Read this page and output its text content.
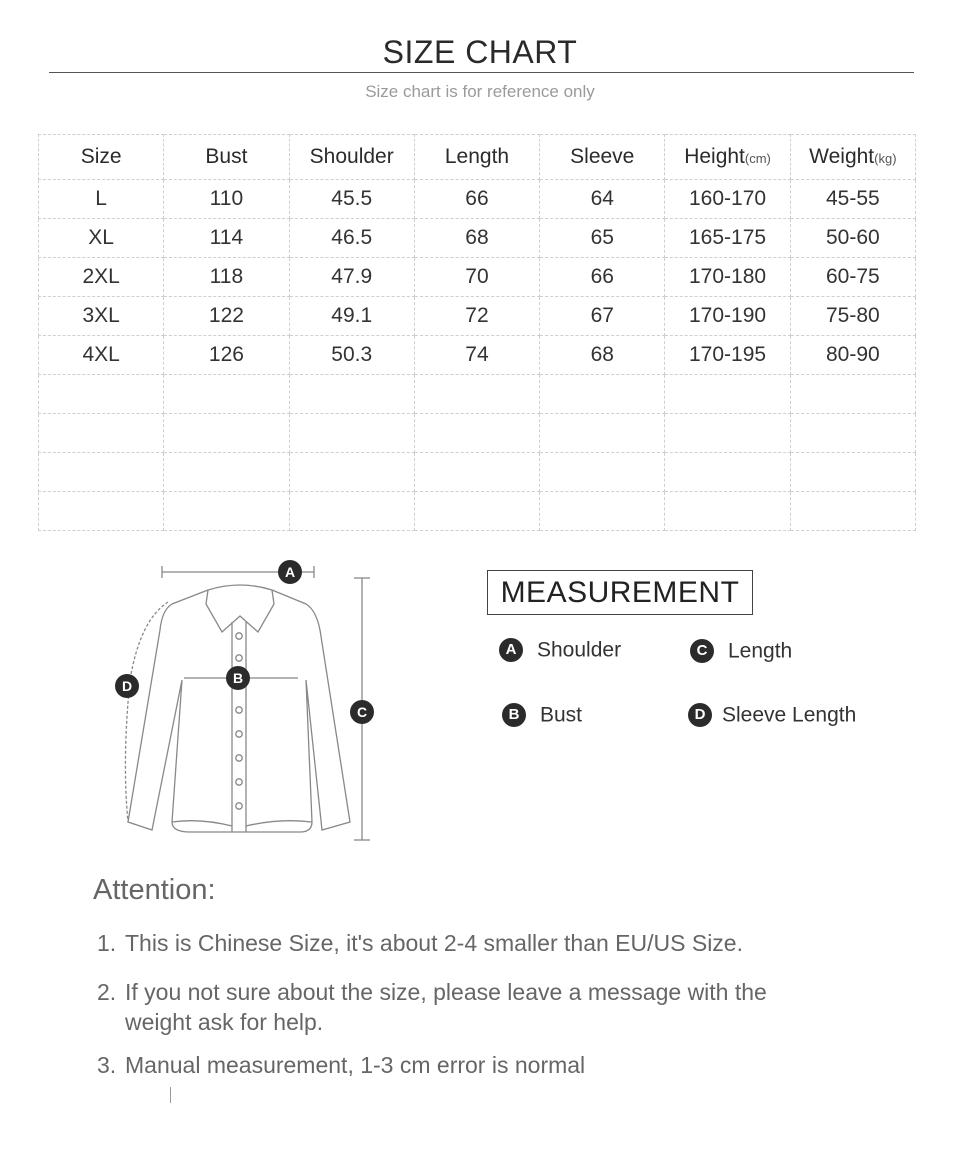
SIZE CHART
Size chart is for reference only
Size	Bust	Shoulder	Length	Sleeve	Height(cm)	Weight(kg)
L	110	45.5	66	64	160-170	45-55
XL	114	46.5	68	65	165-175	50-60
2XL	118	47.9	70	66	170-180	60-75
3XL	122	49.1	72	67	170-190	75-80
4XL	126	50.3	74	68	170-195	80-90

A
B
C
D
MEASUREMENT
A Shoulder	C Length
B Bust	D Sleeve Length
Attention:
1. This is Chinese Size, it's about 2-4 smaller than EU/US Size.
2. If you not sure about the size, please leave a message with the
weight ask for help.
3. Manual measurement, 1-3 cm error is normal
